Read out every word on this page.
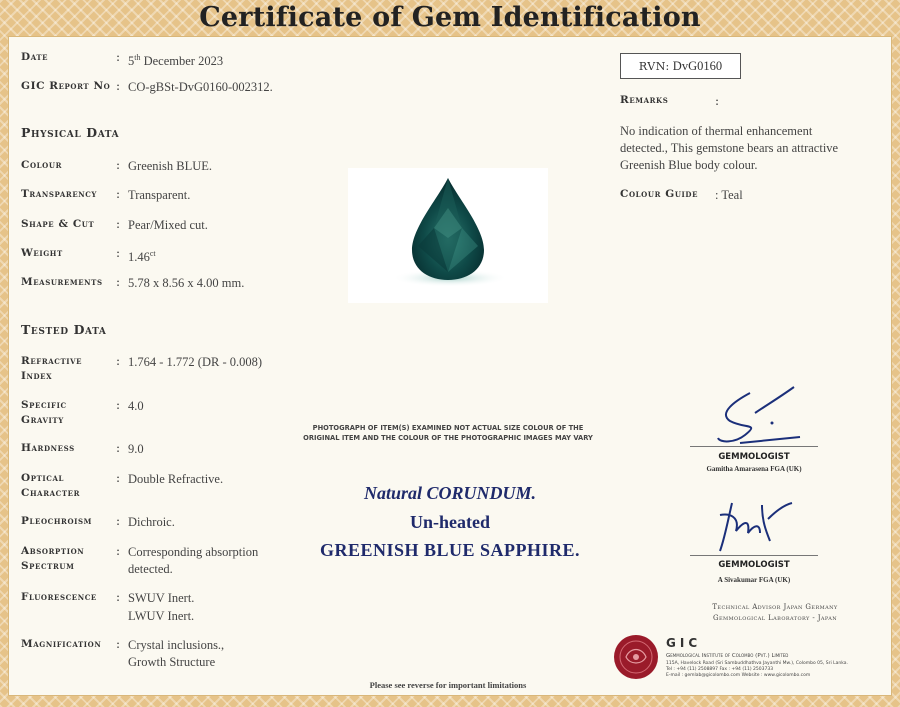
Certificate of Gem Identification
Date	: 5th December 2023
GIC Report No : CO-gBSt-DvG0160-002312.
Physical Data
Colour	: Greenish BLUE.
Transparency : Transparent.
Shape & Cut : Pear/Mixed cut.
Weight	: $1.46^{ct}$
Measurements : 5.78 x 8.56 x 4.00 mm.
Tested Data
Refractive
Index
: 1.764 - 1.772 (DR - 0.008)
Specific
Gravity
: 4.0
Hardness	: 9.0
Optical
Character
: Double Refractive.
Pleochroism : Dichroic.
Absorption
Spectrum
: Corresponding absorption
detected.
Fluorescence : SWUV Inert.
LWUV Inert.
Magnification : Crystal inclusions.,
Growth Structure
RVN: DvG0160
Remarks	:
No indication of thermal enhancement detected., This gemstone bears an attractive Greenish Blue body colour.
Colour Guide : Teal
PHOTOGRAPH OF ITEM(S) EXAMINED NOT ACTUAL SIZE COLOUR OF THE ORIGINAL ITEM AND THE COLOUR OF THE PHOTOGRAPHIC IMAGES MAY VARY
Natural CORUNDUM.
Un-heated
GREENISH BLUE SAPPHIRE.
GEMMOLOGIST
Gamitha Amarasena FGA (UK)
GEMMOLOGIST
A Sivakumar FGA (UK)
Technical Advisor Japan Germany
Gemmological Laboratory - Japan
GIC
Gemmological Institute of Colombo (Pvt.) Limited
115A, Havelock Road (Sri Sambuddhathva Jayanthi Mw.), Colombo 05, Sri Lanka.
Tel : +94 (11) 2508897 Fax : +94 (11) 2503733
E-mail : gemlab@gicolombo.com Website : www.gicolombo.com
Please see reverse for important limitations
